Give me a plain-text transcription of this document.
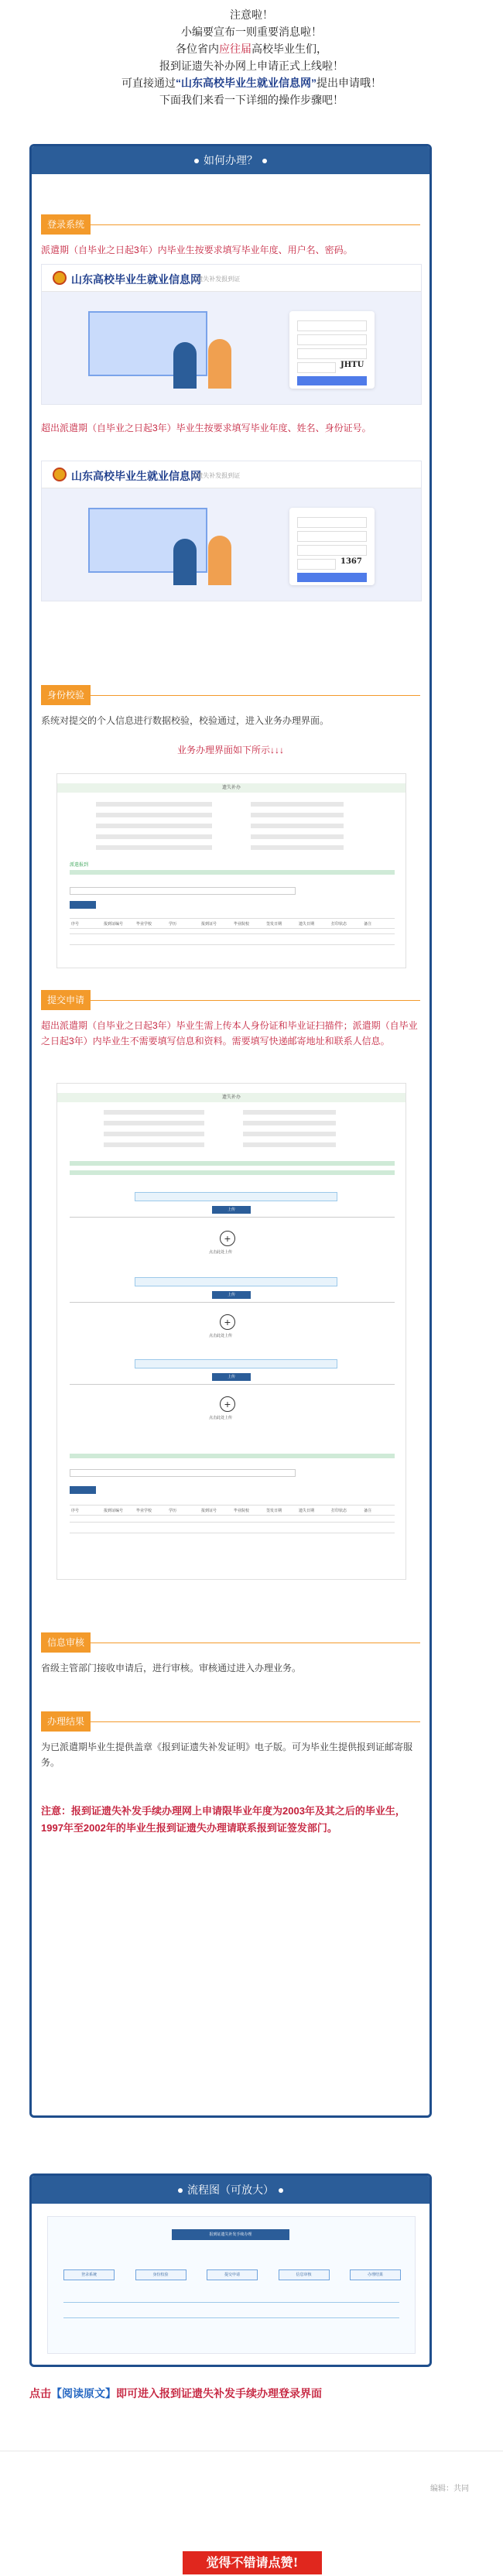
注意啦！
小编要宣布一则重要消息啦！
各位省内应往届高校毕业生们，
报到证遗失补办网上申请正式上线啦！
可直接通过“山东高校毕业生就业信息网”提出申请哦！
下面我们来看一下详细的操作步骤吧！
如何办理？
登录系统
派遣期（自毕业之日起3年）内毕业生按要求填写毕业年度、用户名、密码。
山东高校毕业生就业信息网
| 遗失补发报到证
JHTU
超出派遣期（自毕业之日起3年）毕业生按要求填写毕业年度、姓名、身份证号。
山东高校毕业生就业信息网
| 遗失补发报到证
1367
身份校验
系统对提交的个人信息进行数据校验，校验通过，进入业务办理界面。
业务办理界面如下所示↓↓↓
遗失补办
派遣报到
序号	报到证编号	毕业学校	学历	报到证号	毕业院校	签发日期	遗失日期	打印状态	备注
提交申请
超出派遣期（自毕业之日起3年）毕业生需上传本人身份证和毕业证扫描件；派遣期（自毕业之日起3年）内毕业生不需要填写信息和资料。需要填写快递邮寄地址和联系人信息。
遗失补办
上传
+
点击此处上传
上传
+
点击此处上传
上传
+
点击此处上传
序号	报到证编号	毕业学校	学历	报到证号	毕业院校	签发日期	遗失日期	打印状态	备注
信息审核
省级主管部门接收申请后，进行审核。审核通过进入办理业务。
办理结果
为已派遣期毕业生提供盖章《报到证遗失补发证明》电子版。可为毕业生提供报到证邮寄服务。
注意：报到证遗失补发手续办理网上申请限毕业年度为2003年及其之后的毕业生，1997年至2002年的毕业生报到证遗失办理请联系报到证签发部门。
流程图（可放大）
报到证遗失补发手续办理
登录系统	身份校验	提交申请	信息审核	办理结果
点击【阅读原文】即可进入报到证遗失补发手续办理登录界面
编辑：共同
觉得不错请点赞!
